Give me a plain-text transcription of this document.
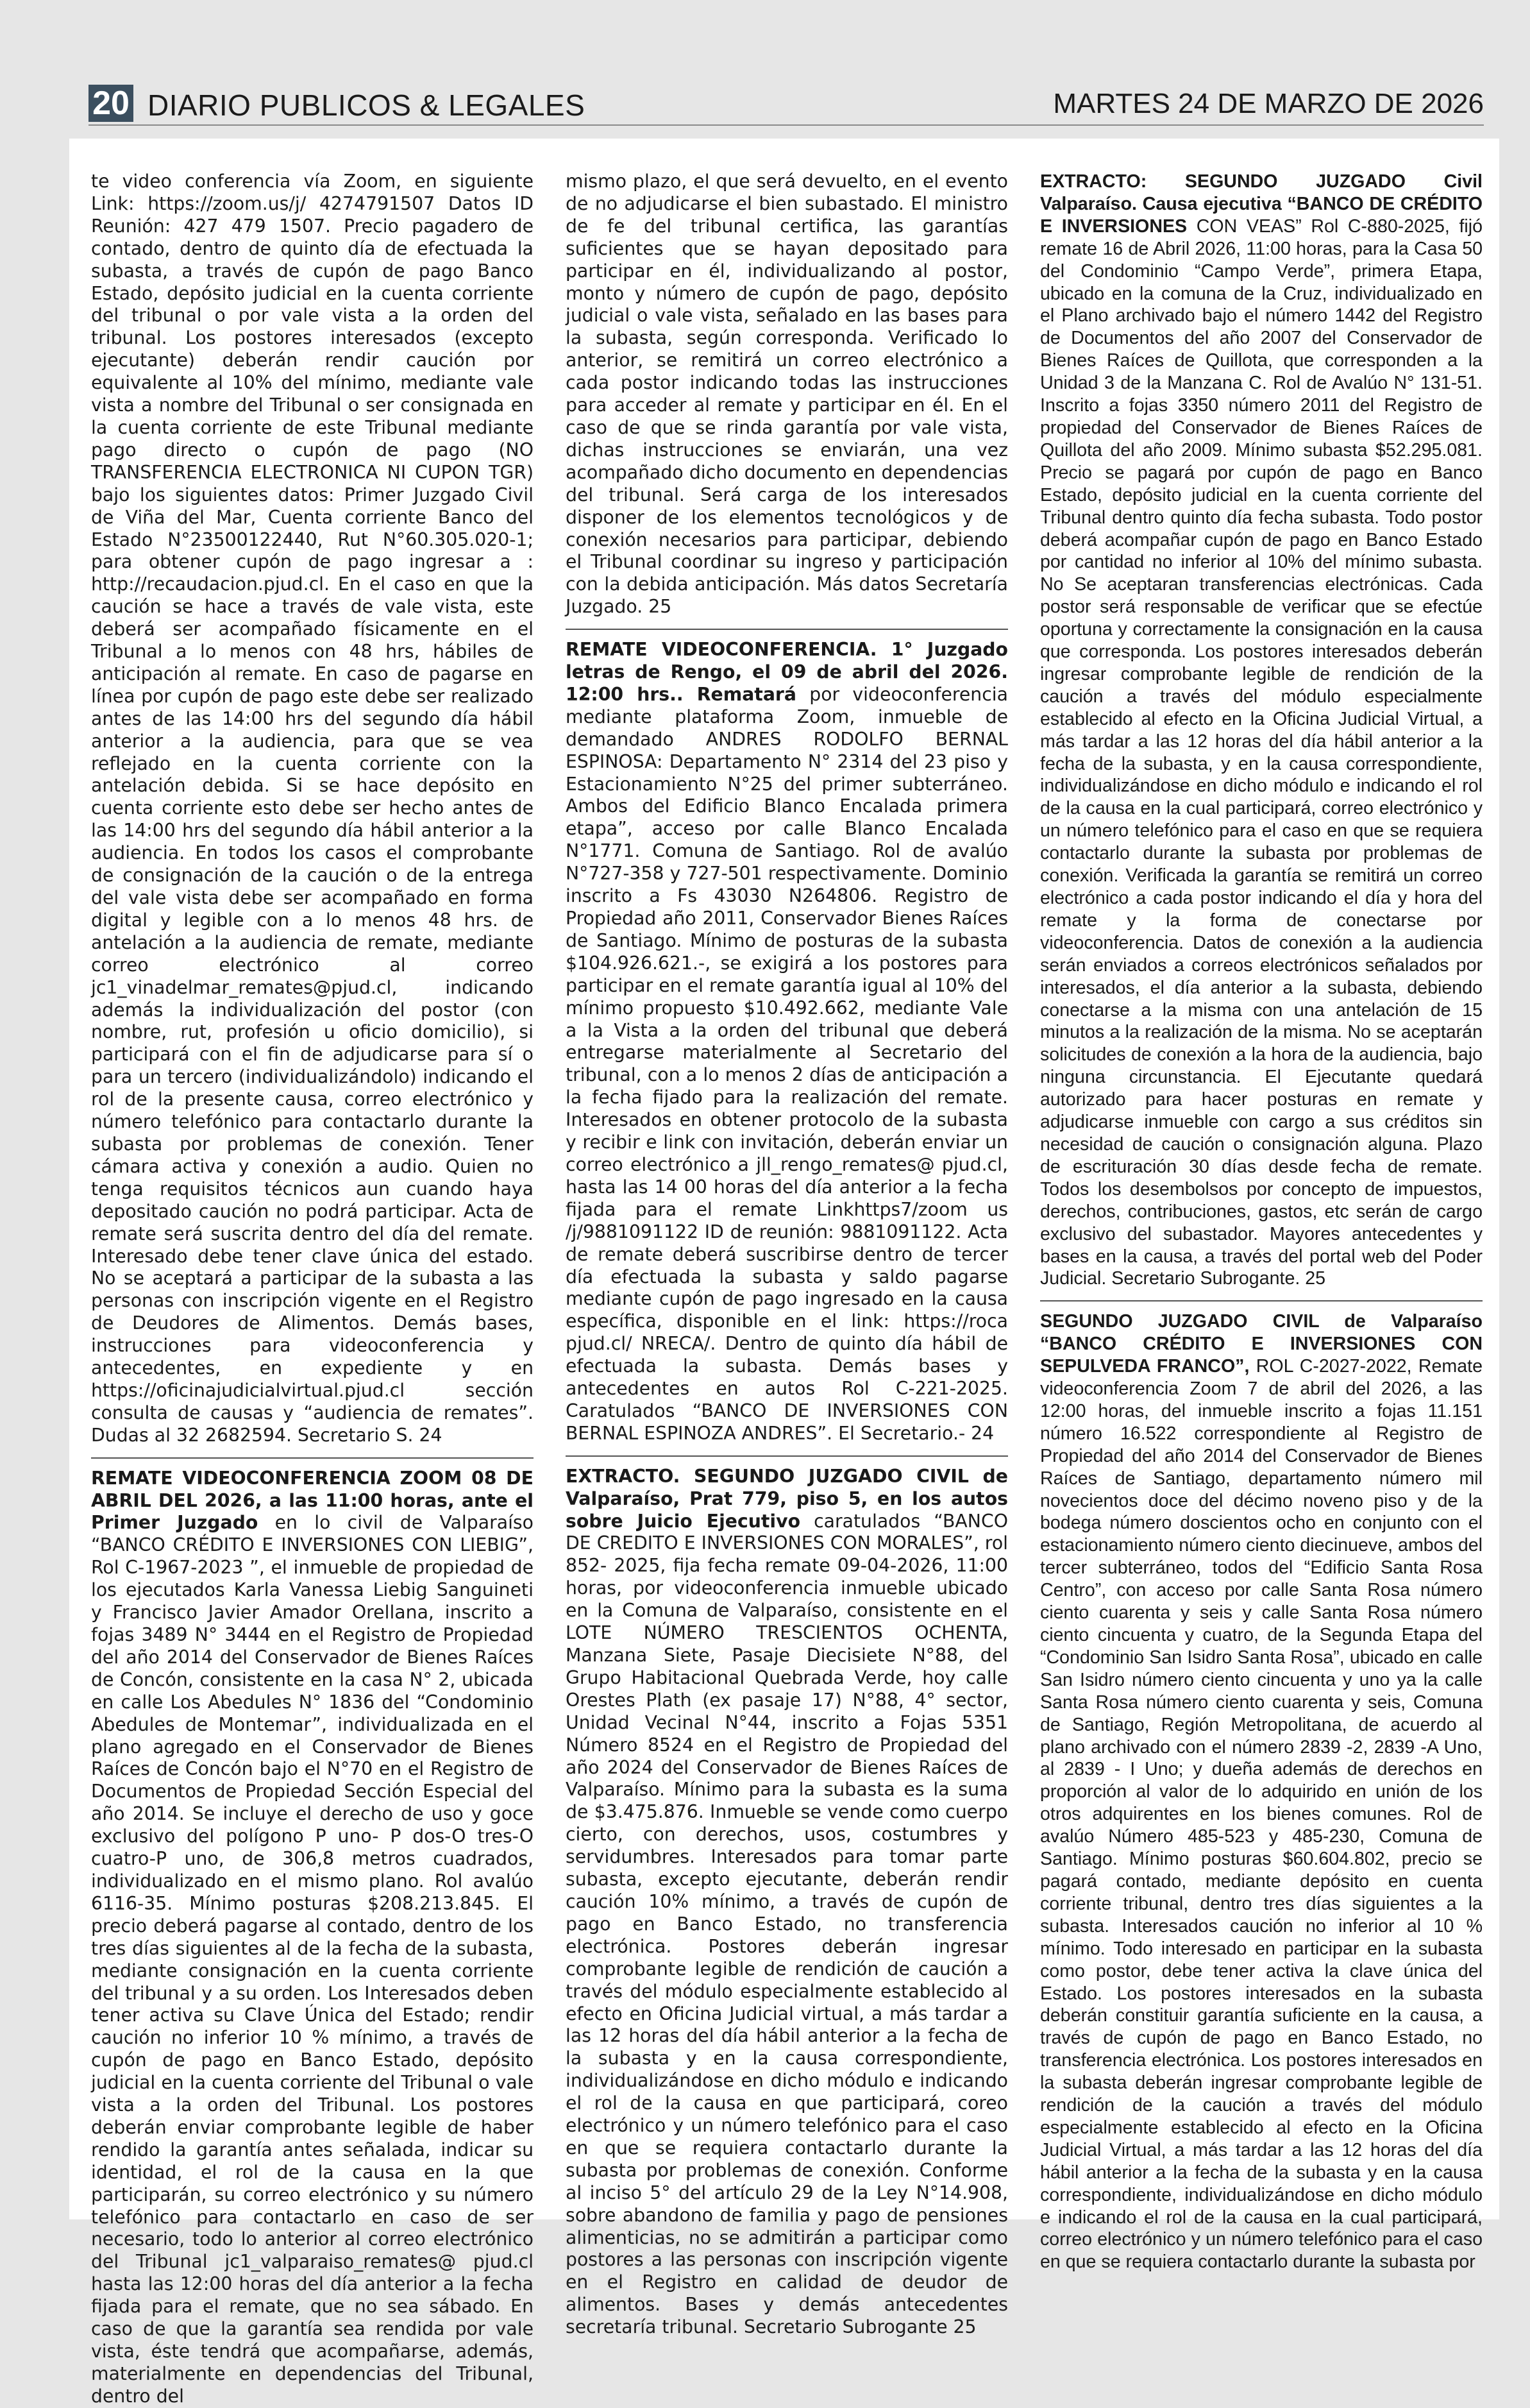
20 DIARIO PUBLICOS & LEGALES	MARTES 24 DE MARZO DE 2026

te video conferencia vía Zoom, en siguiente Link: https://zoom.us/j/ 4274791507 Datos ID Reunión: 427 479 1507. Precio pagadero de contado, dentro de quinto día de efectuada la subasta, a través de cupón de pago Banco Estado, depósito judicial en la cuenta corriente del tribunal o por vale vista a la orden del tribunal. Los postores interesados (excepto ejecutante) deberán rendir caución por equivalente al 10% del mínimo, mediante vale vista a nombre del Tribunal o ser consignada en la cuenta corriente de este Tribunal mediante pago directo o cupón de pago (NO TRANSFERENCIA ELECTRONICA NI CUPON TGR) bajo los siguientes datos: Primer Juzgado Civil de Viña del Mar, Cuenta corriente Banco del Estado N°23500122440, Rut N°60.305.020-1; para obtener cupón de pago ingresar a : http://recaudacion.pjud.cl. En el caso en que la caución se hace a través de vale vista, este deberá ser acompañado físicamente en el Tribunal a lo menos con 48 hrs, hábiles de anticipación al remate. En caso de pagarse en línea por cupón de pago este debe ser realizado antes de las 14:00 hrs del segundo día hábil anterior a la audiencia, para que se vea reflejado en la cuenta corriente con la antelación debida. Si se hace depósito en cuenta corriente esto debe ser hecho antes de las 14:00 hrs del segundo día hábil anterior a la audiencia. En todos los casos el comprobante de consignación de la caución o de la entrega del vale vista debe ser acompañado en forma digital y legible con a lo menos 48 hrs. de antelación a la audiencia de remate, mediante correo electrónico al correo jc1_vinadelmar_remates@pjud.cl, indicando además la individualización del postor (con nombre, rut, profesión u oficio domicilio), si participará con el fin de adjudicarse para sí o para un tercero (individualizándolo) indicando el rol de la presente causa, correo electrónico y número telefónico para contactarlo durante la subasta por problemas de conexión. Tener cámara activa y conexión a audio. Quien no tenga requisitos técnicos aun cuando haya depositado caución no podrá participar. Acta de remate será suscrita dentro del día del remate. Interesado debe tener clave única del estado. No se aceptará a participar de la subasta a las personas con inscripción vigente en el Registro de Deudores de Alimentos. Demás bases, instrucciones para videoconferencia y antecedentes, en expediente y en https://oficinajudicialvirtual.pjud.cl sección consulta de causas y “audiencia de remates”. Dudas al 32 2682594. Secretario S. 24

REMATE VIDEOCONFERENCIA ZOOM 08 DE ABRIL DEL 2026, a las 11:00 horas, ante el Primer Juzgado en lo civil de Valparaíso “BANCO CRÉDITO E INVERSIONES CON LIEBIG”, Rol C-1967-2023 ”, el inmueble de propiedad de los ejecutados Karla Vanessa Liebig Sanguineti y Francisco Javier Amador Orellana, inscrito a fojas 3489 N° 3444 en el Registro de Propiedad del año 2014 del Conservador de Bienes Raíces de Concón, consistente en la casa N° 2, ubicada en calle Los Abedules N° 1836 del “Condominio Abedules de Montemar”, individualizada en el plano agregado en el Conservador de Bienes Raíces de Concón bajo el N°70 en el Registro de Documentos de Propiedad Sección Especial del año 2014. Se incluye el derecho de uso y goce exclusivo del polígono P uno- P dos-O tres-O cuatro-P uno, de 306,8 metros cuadrados, individualizado en el mismo plano. Rol avalúo 6116-35. Mínimo posturas $208.213.845. El precio deberá pagarse al contado, dentro de los tres días siguientes al de la fecha de la subasta, mediante consignación en la cuenta corriente del tribunal y a su orden. Los Interesados deben tener activa su Clave Única del Estado; rendir caución no inferior 10 % mínimo, a través de cupón de pago en Banco Estado, depósito judicial en la cuenta corriente del Tribunal o vale vista a la orden del Tribunal. Los postores deberán enviar comprobante legible de haber rendido la garantía antes señalada, indicar su identidad, el rol de la causa en la que participarán, su correo electrónico y su número telefónico para contactarlo en caso de ser necesario, todo lo anterior al correo electrónico del Tribunal jc1_valparaiso_remates@ pjud.cl hasta las 12:00 horas del día anterior a la fecha fijada para el remate, que no sea sábado. En caso de que la garantía sea rendida por vale vista, éste tendrá que acompañarse, además, materialmente en dependencias del Tribunal, dentro del

mismo plazo, el que será devuelto, en el evento de no adjudicarse el bien subastado. El ministro de fe del tribunal certifica, las garantías suficientes que se hayan depositado para participar en él, individualizando al postor, monto y número de cupón de pago, depósito judicial o vale vista, señalado en las bases para la subasta, según corresponda. Verificado lo anterior, se remitirá un correo electrónico a cada postor indicando todas las instrucciones para acceder al remate y participar en él. En el caso de que se rinda garantía por vale vista, dichas instrucciones se enviarán, una vez acompañado dicho documento en dependencias del tribunal. Será carga de los interesados disponer de los elementos tecnológicos y de conexión necesarios para participar, debiendo el Tribunal coordinar su ingreso y participación con la debida anticipación. Más datos Secretaría Juzgado. 25

REMATE VIDEOCONFERENCIA. 1° Juzgado letras de Rengo, el 09 de abril del 2026. 12:00 hrs.. Rematará por videoconferencia mediante plataforma Zoom, inmueble de demandado ANDRES RODOLFO BERNAL ESPINOSA: Departamento N° 2314 del 23 piso y Estacionamiento N°25 del primer subterráneo. Ambos del Edificio Blanco Encalada primera etapa”, acceso por calle Blanco Encalada N°1771. Comuna de Santiago. Rol de avalúo N°727-358 y 727-501 respectivamente. Dominio inscrito a Fs 43030 N264806. Registro de Propiedad año 2011, Conservador Bienes Raíces de Santiago. Mínimo de posturas de la subasta $104.926.621.-, se exigirá a los postores para participar en el remate garantía igual al 10% del mínimo propuesto $10.492.662, mediante Vale a la Vista a la orden del tribunal que deberá entregarse materialmente al Secretario del tribunal, con a lo menos 2 días de anticipación a la fecha fijado para la realización del remate. Interesados en obtener protocolo de la subasta y recibir e link con invitación, deberán enviar un correo electrónico a jll_rengo_remates@ pjud.cl, hasta las 14 00 horas del día anterior a la fecha fijada para el remate Linkhttps7/zoom us /j/9881091122 ID de reunión: 9881091122. Acta de remate deberá suscribirse dentro de tercer día efectuada la subasta y saldo pagarse mediante cupón de pago ingresado en la causa específica, disponible en el link: https://roca pjud.cl/ NRECA/. Dentro de quinto día hábil de efectuada la subasta. Demás bases y antecedentes en autos Rol C-221-2025. Caratulados “BANCO DE INVERSIONES CON BERNAL ESPINOZA ANDRES”. El Secretario.- 24

EXTRACTO. SEGUNDO JUZGADO CIVIL de Valparaíso, Prat 779, piso 5, en los autos sobre Juicio Ejecutivo caratulados “BANCO DE CREDITO E INVERSIONES CON MORALES”, rol 852- 2025, fija fecha remate 09-04-2026, 11:00 horas, por videoconferencia inmueble ubicado en la Comuna de Valparaíso, consistente en el LOTE NÚMERO TRESCIENTOS OCHENTA, Manzana Siete, Pasaje Diecisiete N°88, del Grupo Habitacional Quebrada Verde, hoy calle Orestes Plath (ex pasaje 17) N°88, 4° sector, Unidad Vecinal N°44, inscrito a Fojas 5351 Número 8524 en el Registro de Propiedad del año 2024 del Conservador de Bienes Raíces de Valparaíso. Mínimo para la subasta es la suma de $3.475.876. Inmueble se vende como cuerpo cierto, con derechos, usos, costumbres y servidumbres. Interesados para tomar parte subasta, excepto ejecutante, deberán rendir caución 10% mínimo, a través de cupón de pago en Banco Estado, no transferencia electrónica. Postores deberán ingresar comprobante legible de rendición de caución a través del módulo especialmente establecido al efecto en Oficina Judicial virtual, a más tardar a las 12 horas del día hábil anterior a la fecha de la subasta y en la causa correspondiente, individualizándose en dicho módulo e indicando el rol de la causa en que participará, coreo electrónico y un número telefónico para el caso en que se requiera contactarlo durante la subasta por problemas de conexión. Conforme al inciso 5° del artículo 29 de la Ley N°14.908, sobre abandono de familia y pago de pensiones alimenticias, no se admitirán a participar como postores a las personas con inscripción vigente en el Registro en calidad de deudor de alimentos. Bases y demás antecedentes secretaría tribunal. Secretario Subrogante 25

EXTRACTO: SEGUNDO JUZGADO Civil Valparaíso. Causa ejecutiva “BANCO DE CRÉDITO E INVERSIONES CON VEAS” Rol C-880-2025, fijó remate 16 de Abril 2026, 11:00 horas, para la Casa 50 del Condominio “Campo Verde”, primera Etapa, ubicado en la comuna de la Cruz, individualizado en el Plano archivado bajo el número 1442 del Registro de Documentos del año 2007 del Conservador de Bienes Raíces de Quillota, que corresponden a la Unidad 3 de la Manzana C. Rol de Avalúo N° 131-51. Inscrito a fojas 3350 número 2011 del Registro de propiedad del Conservador de Bienes Raíces de Quillota del año 2009. Mínimo subasta $52.295.081. Precio se pagará por cupón de pago en Banco Estado, depósito judicial en la cuenta corriente del Tribunal dentro quinto día fecha subasta. Todo postor deberá acompañar cupón de pago en Banco Estado por cantidad no inferior al 10% del mínimo subasta. No Se aceptaran transferencias electrónicas. Cada postor será responsable de verificar que se efectúe oportuna y correctamente la consignación en la causa que corresponda. Los postores interesados deberán ingresar comprobante legible de rendición de la caución a través del módulo especialmente establecido al efecto en la Oficina Judicial Virtual, a más tardar a las 12 horas del día hábil anterior a la fecha de la subasta, y en la causa correspondiente, individualizándose en dicho módulo e indicando el rol de la causa en la cual participará, correo electrónico y un número telefónico para el caso en que se requiera contactarlo durante la subasta por problemas de conexión. Verificada la garantía se remitirá un correo electrónico a cada postor indicando el día y hora del remate y la forma de conectarse por videoconferencia. Datos de conexión a la audiencia serán enviados a correos electrónicos señalados por interesados, el día anterior a la subasta, debiendo conectarse a la misma con una antelación de 15 minutos a la realización de la misma. No se aceptarán solicitudes de conexión a la hora de la audiencia, bajo ninguna circunstancia. El Ejecutante quedará autorizado para hacer posturas en remate y adjudicarse inmueble con cargo a sus créditos sin necesidad de caución o consignación alguna. Plazo de escrituración 30 días desde fecha de remate. Todos los desembolsos por concepto de impuestos, derechos, contribuciones, gastos, etc serán de cargo exclusivo del subastador. Mayores antecedentes y bases en la causa, a través del portal web del Poder Judicial. Secretario Subrogante. 25

SEGUNDO JUZGADO CIVIL de Valparaíso “BANCO CRÉDITO E INVERSIONES CON SEPULVEDA FRANCO”, ROL C-2027-2022, Remate videoconferencia Zoom 7 de abril del 2026, a las 12:00 horas, del inmueble inscrito a fojas 11.151 número 16.522 correspondiente al Registro de Propiedad del año 2014 del Conservador de Bienes Raíces de Santiago, departamento número mil novecientos doce del décimo noveno piso y de la bodega número doscientos ocho en conjunto con el estacionamiento número ciento diecinueve, ambos del tercer subterráneo, todos del “Edificio Santa Rosa Centro”, con acceso por calle Santa Rosa número ciento cuarenta y seis y calle Santa Rosa número ciento cincuenta y cuatro, de la Segunda Etapa del “Condominio San Isidro Santa Rosa”, ubicado en calle San Isidro número ciento cincuenta y uno ya la calle Santa Rosa número ciento cuarenta y seis, Comuna de Santiago, Región Metropolitana, de acuerdo al plano archivado con el número 2839 -2, 2839 -A Uno, al 2839 - I Uno; y dueña además de derechos en proporción al valor de lo adquirido en unión de los otros adquirentes en los bienes comunes. Rol de avalúo Número 485-523 y 485-230, Comuna de Santiago. Mínimo posturas $60.604.802, precio se pagará contado, mediante depósito en cuenta corriente tribunal, dentro tres días siguientes a la subasta. Interesados caución no inferior al 10 % mínimo. Todo interesado en participar en la subasta como postor, debe tener activa la clave única del Estado. Los postores interesados en la subasta deberán constituir garantía suficiente en la causa, a través de cupón de pago en Banco Estado, no transferencia electrónica. Los postores interesados en la subasta deberán ingresar comprobante legible de rendición de la caución a través del módulo especialmente establecido al efecto en la Oficina Judicial Virtual, a más tardar a las 12 horas del día hábil anterior a la fecha de la subasta y en la causa correspondiente, individualizándose en dicho módulo e indicando el rol de la causa en la cual participará, correo electrónico y un número telefónico para el caso en que se requiera contactarlo durante la subasta por
